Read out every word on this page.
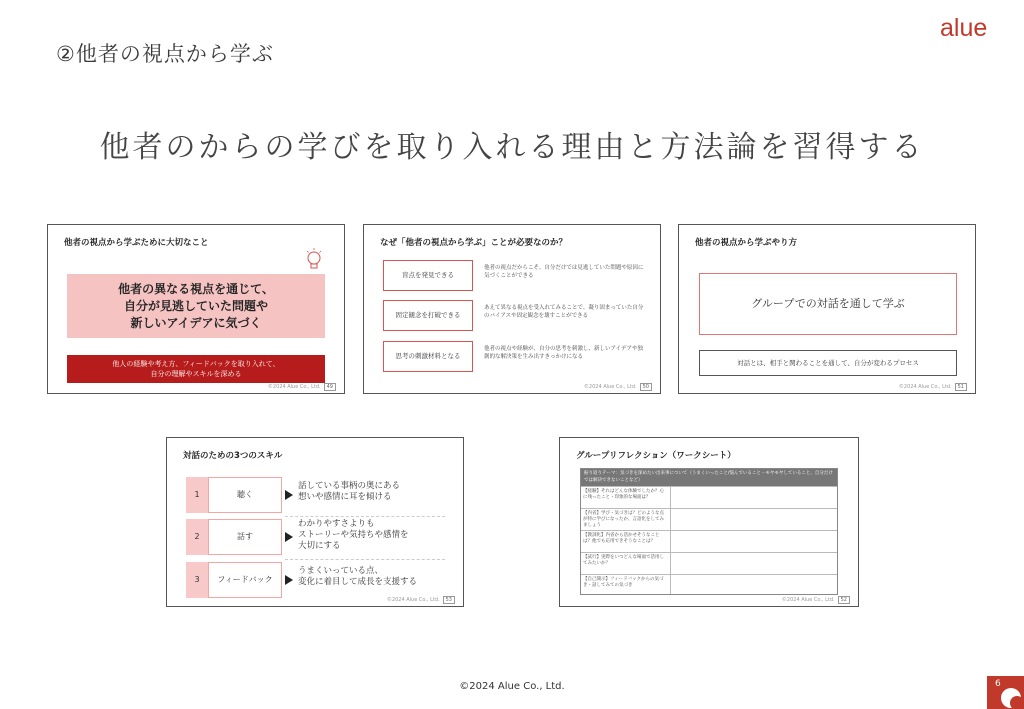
②他者の視点から学ぶ
alue
他者のからの学びを取り入れる理由と方法論を習得する
他者の視点から学ぶために大切なこと
他者の異なる視点を通じて、
自分が見逃していた問題や
新しいアイデアに気づく
他人の経験や考え方、フィードバックを取り入れて、
自分の理解やスキルを深める
©2024 Alue Co., Ltd. 49
なぜ「他者の視点から学ぶ」ことが必要なのか？
盲点を発見できる
他者の視点だからこそ、自分だけでは見逃していた問題や原因に気づくことができる
固定観念を打破できる
あえて異なる視点を受入れてみることで、凝り固まっていた自分のバイアスや固定観念を壊すことができる
思考の刺激材料となる
他者の視点や経験が、自分の思考を刺激し、新しいアイデアや独創的な解決策を生み出すきっかけになる
©2024 Alue Co., Ltd. 50
他者の視点から学ぶやり方
グループでの対話を通して学ぶ
対話とは、相手と関わることを通して、自分が変わるプロセス
©2024 Alue Co., Ltd. 51
対話のための3つのスキル
1	聴く
話している事柄の奥にある
想いや感情に耳を傾ける
2	話す
わかりやすさよりも
ストーリーや気持ちや感情を
大切にする
3	フィードバック
うまくいっている点、
変化に着目して成長を支援する
©2024 Alue Co., Ltd. 53
グループリフレクション（ワークシート）
振り返りテーマ：気づきを深めたい出来事について（うまくいったこと/悩んでいること・モヤモヤしていること、自分だけでは解決できないことなど）
【経験】それはどんな体験でしたか？心に残ったこと・印象的な場面は？
【内省】学び・気づきは？どのような点が特に学びになったか、言語化をしてみましょう
【教訓化】内省から活かせそうなことは？他でも応用できそうなことは？
【試行】実際をいつどんな場面で活用してみたいか？
【自己開示】フィードバックからの気づき・話してみての気づき
©2024 Alue Co., Ltd. 52
©2024 Alue Co., Ltd.	6
